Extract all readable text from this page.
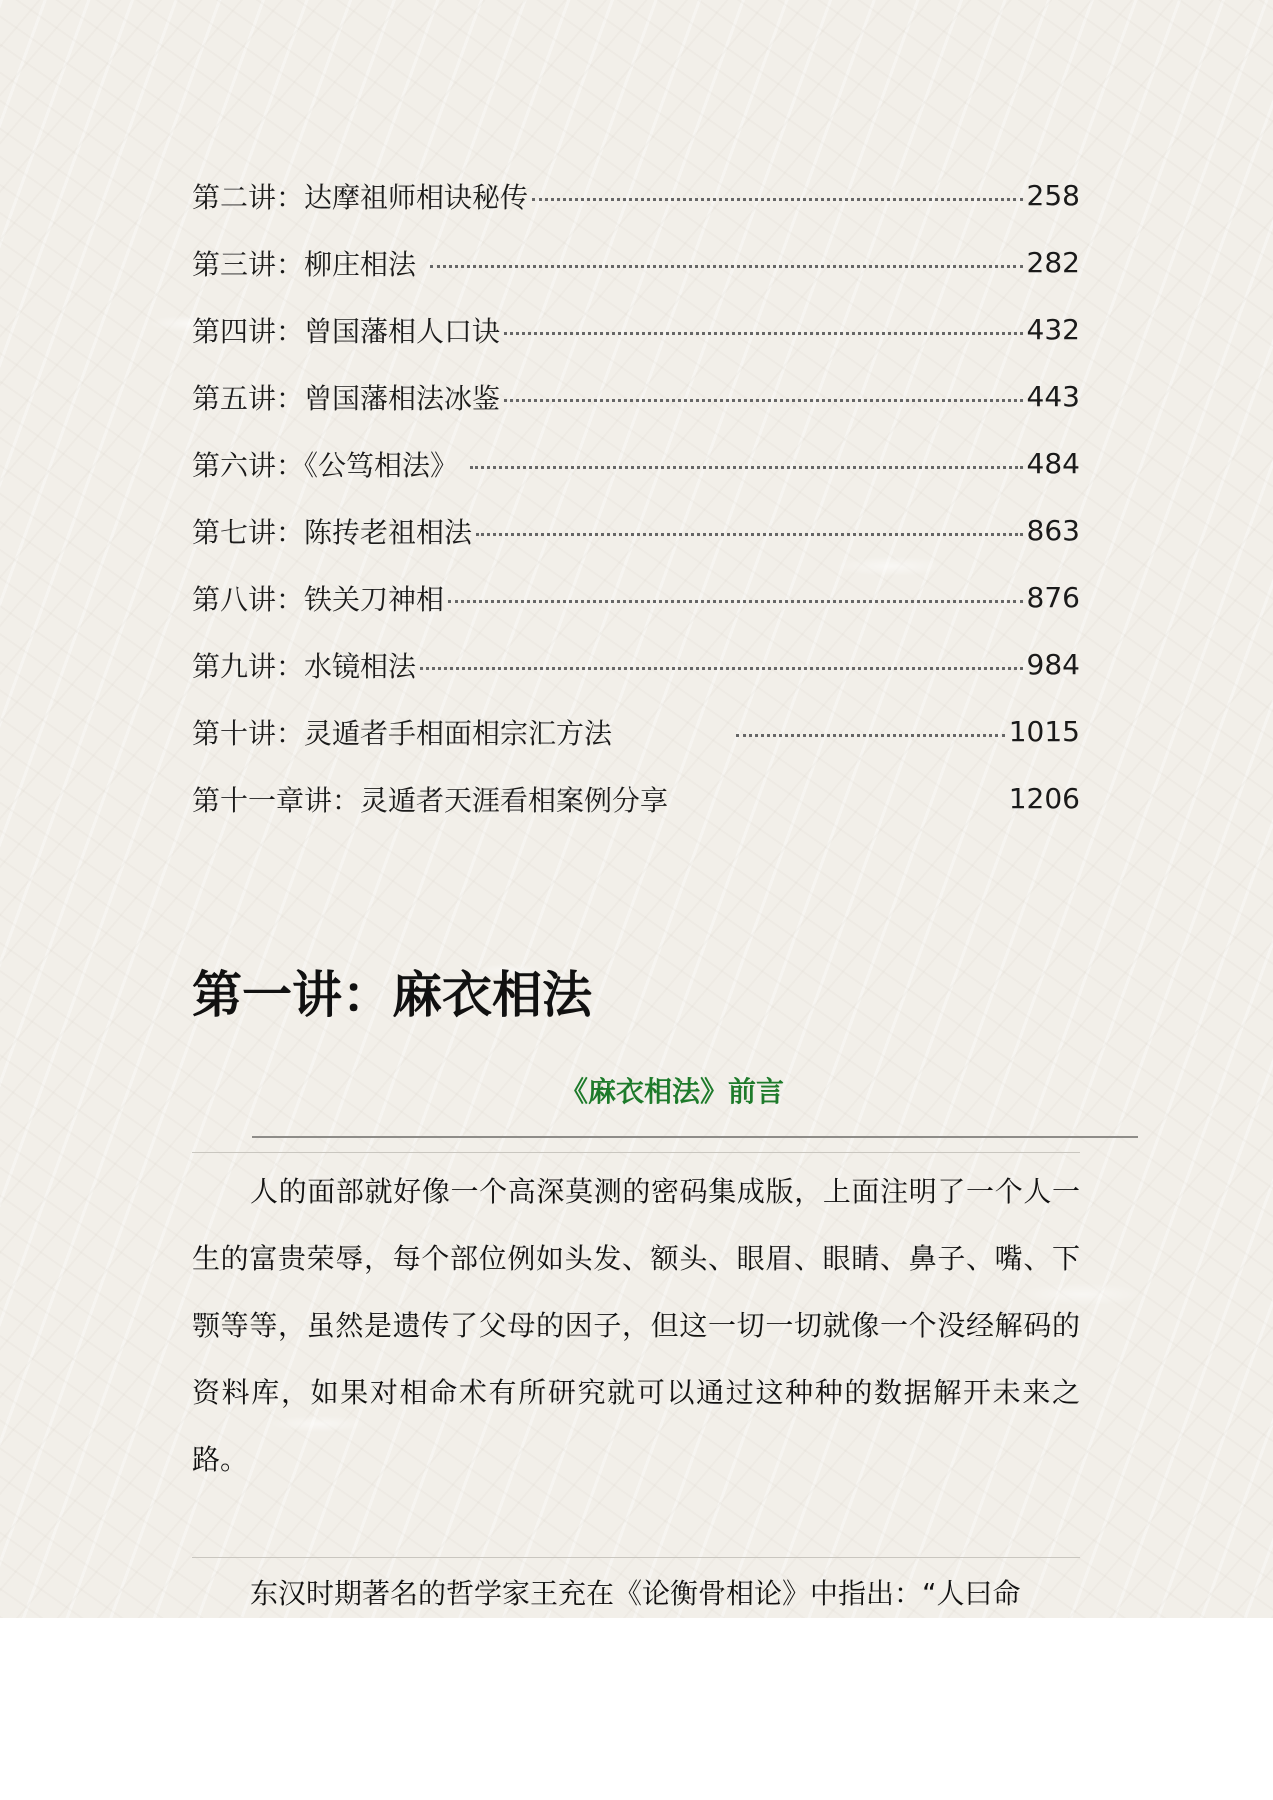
第二讲：达摩祖师相诀秘传	258
第三讲：柳庄相法	282
第四讲：曾国藩相人口诀	432
第五讲：曾国藩相法冰鉴	443
第六讲：《公笃相法》	484
第七讲：陈抟老祖相法	863
第八讲：铁关刀神相	876
第九讲：水镜相法	984
第十讲：灵遁者手相面相宗汇方法	1015
第十一章讲：灵遁者天涯看相案例分享	1206
第一讲：麻衣相法
《麻衣相法》前言

人的面部就好像一个高深莫测的密码集成版，上面注明了一个人一生的富贵荣辱，每个部位例如头发、额头、眼眉、眼睛、鼻子、嘴、下颚等等，虽然是遗传了父母的因子，但这一切一切就像一个没经解码的资料库，如果对相命术有所研究就可以通过这种种的数据解开未来之路。

东汉时期著名的哲学家王充在《论衡骨相论》中指出：“人曰命
